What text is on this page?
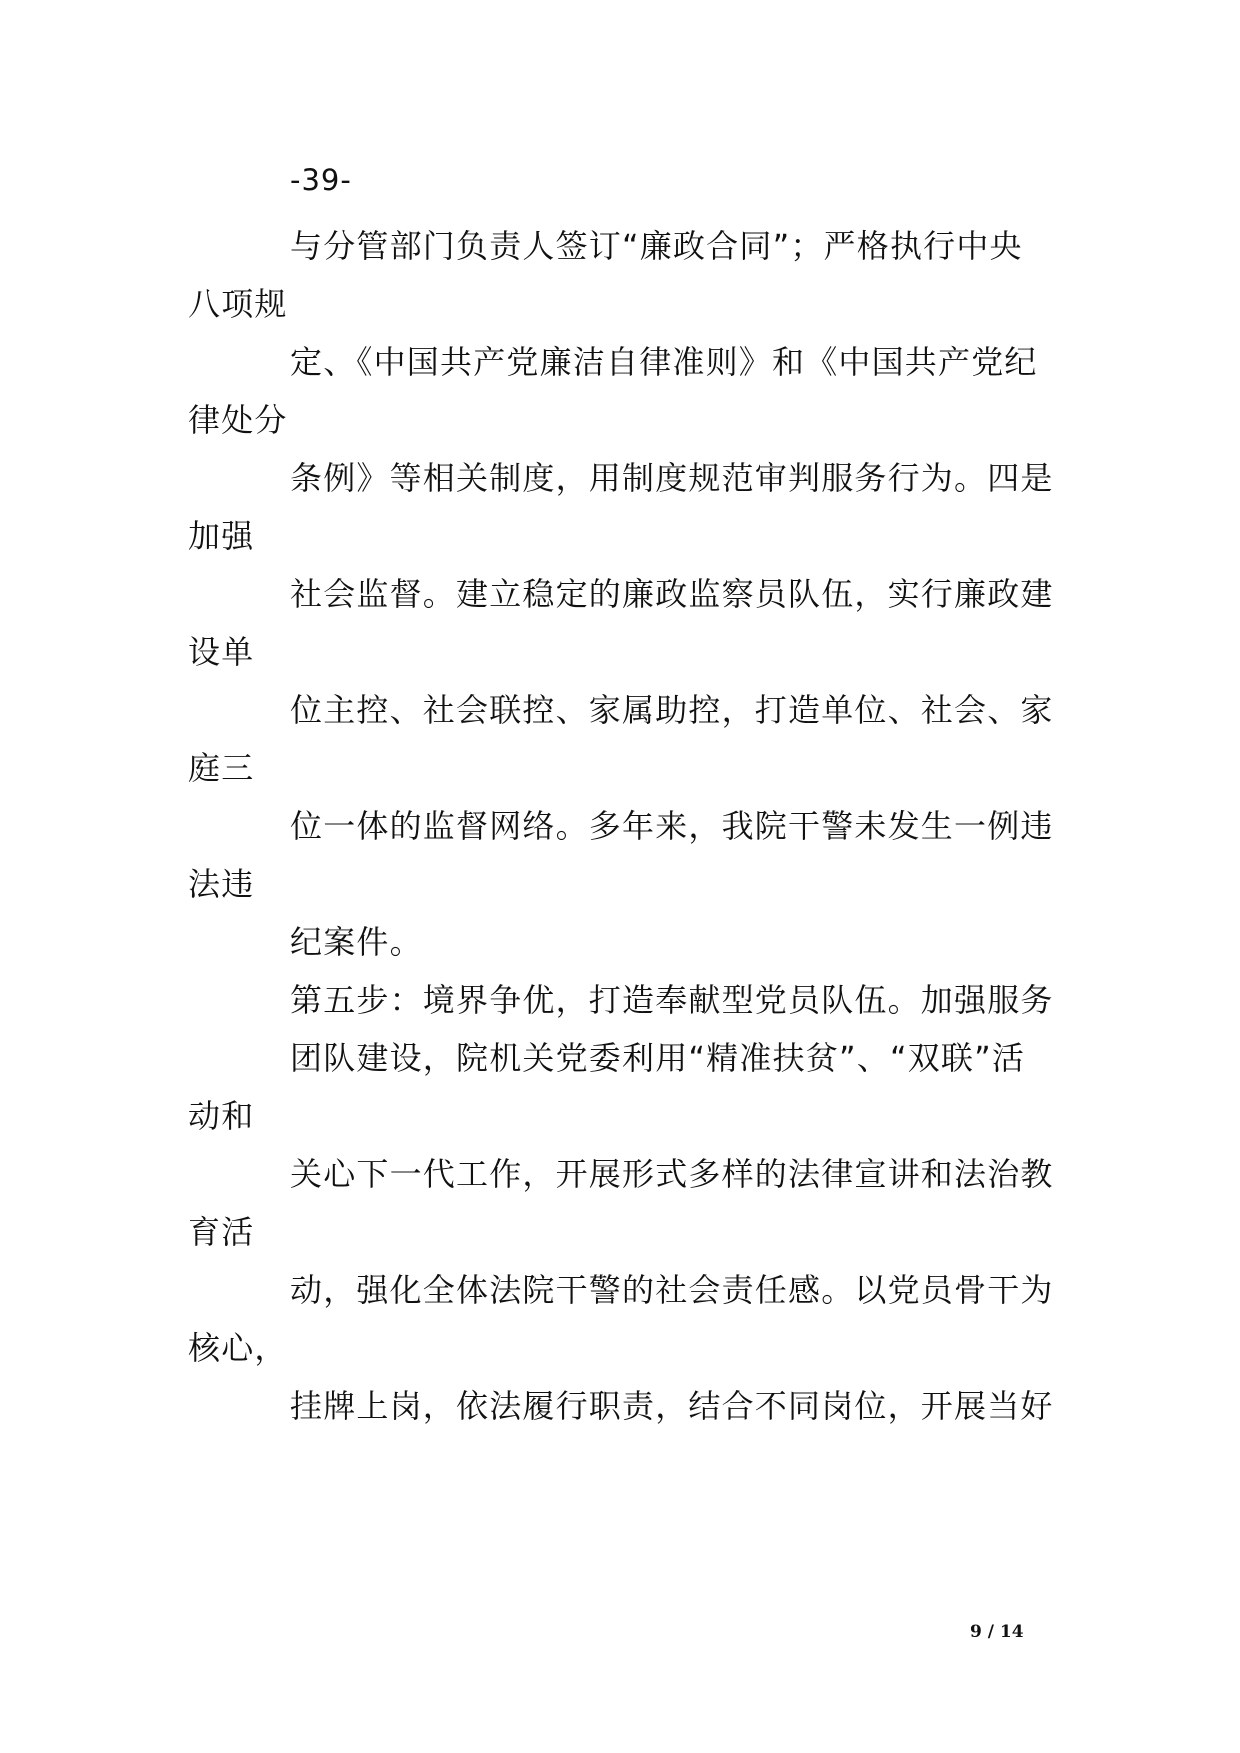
-39-
与分管部门负责人签订“廉政合同”；严格执行中央
八项规
定、《中国共产党廉洁自律准则》和《中国共产党纪
律处分
条例》等相关制度，用制度规范审判服务行为。四是
加强
社会监督。建立稳定的廉政监察员队伍，实行廉政建
设单
位主控、社会联控、家属助控，打造单位、社会、家
庭三
位一体的监督网络。多年来，我院干警未发生一例违
法违
纪案件。
第五步：境界争优，打造奉献型党员队伍。加强服务
团队建设，院机关党委利用“精准扶贫”、“双联”活
动和
关心下一代工作，开展形式多样的法律宣讲和法治教
育活
动，强化全体法院干警的社会责任感。以党员骨干为
核心，
挂牌上岗，依法履行职责，结合不同岗位，开展当好
9 / 14
